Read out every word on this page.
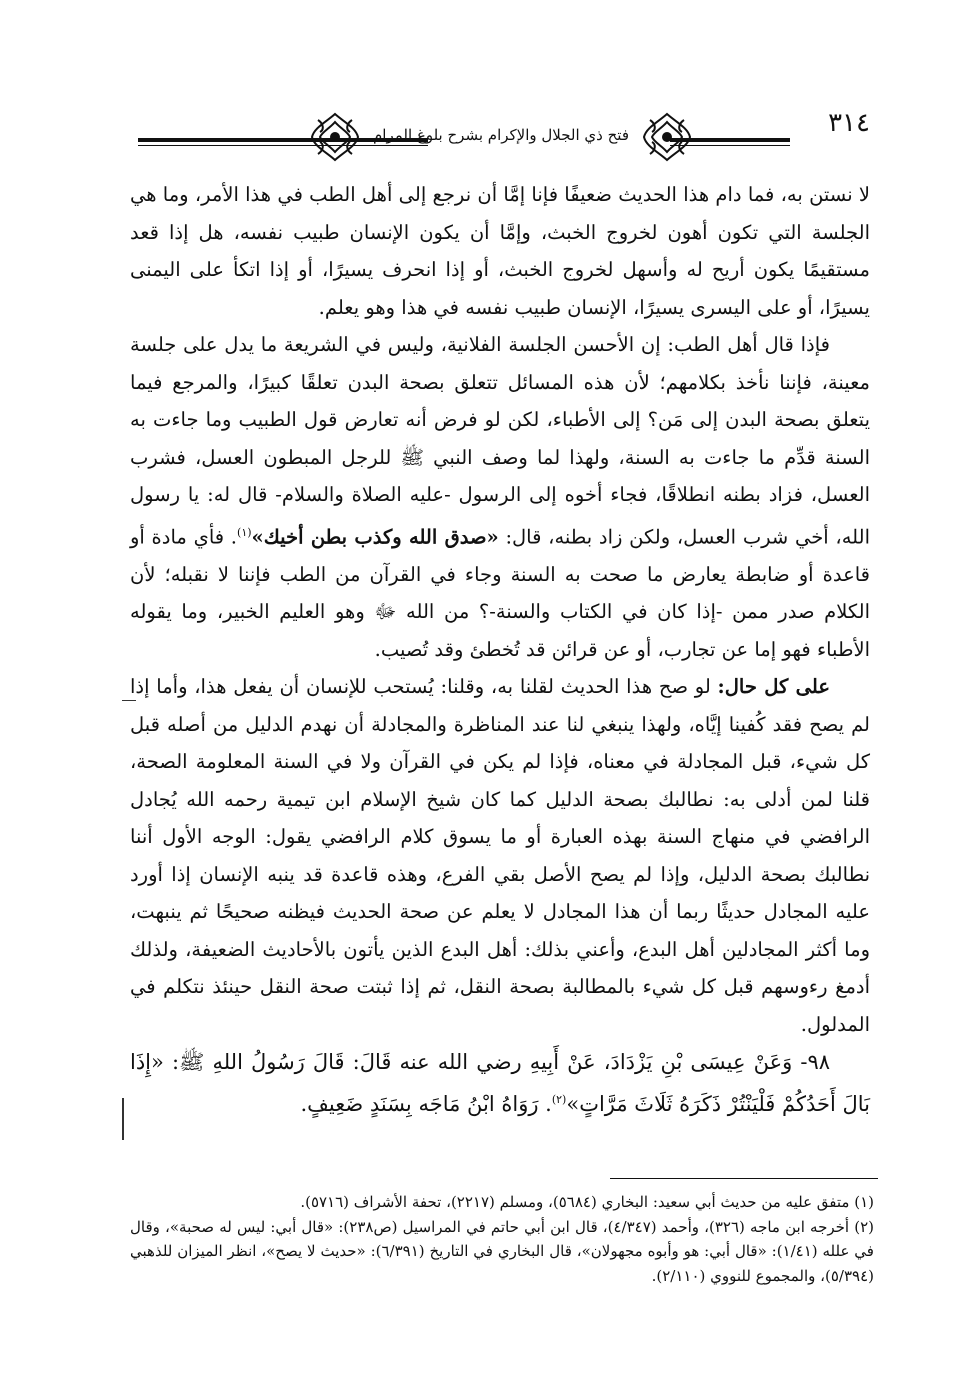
فتح ذي الجلال والإكرام بشرح بلوغ المرام	٣١٤

لا نستن به، فما دام هذا الحديث ضعيفًا فإنا إمَّا أن نرجع إلى أهل الطب في هذا الأمر، وما هي الجلسة التي تكون أهون لخروج الخبث، وإمَّا أن يكون الإنسان طبيب نفسه، هل إذا قعد مستقيمًا يكون أريح له وأسهل لخروج الخبث، أو إذا انحرف يسيرًا، أو إذا اتكأ على اليمنى يسيرًا، أو على اليسرى يسيرًا، الإنسان طبيب نفسه في هذا وهو يعلم.

فإذا قال أهل الطب: إن الأحسن الجلسة الفلانية، وليس في الشريعة ما يدل على جلسة معينة، فإننا نأخذ بكلامهم؛ لأن هذه المسائل تتعلق بصحة البدن تعلقًا كبيرًا، والمرجع فيما يتعلق بصحة البدن إلى مَن؟ إلى الأطباء، لكن لو فرض أنه تعارض قول الطبيب وما جاءت به السنة قدِّم ما جاءت به السنة، ولهذا لما وصف النبي ﷺ للرجل المبطون العسل، فشرب العسل، فزاد بطنه انطلاقًا، فجاء أخوه إلى الرسول -عليه الصلاة والسلام- قال له: يا رسول الله، أخي شرب العسل، ولكن زاد بطنه، قال: «صدق الله وكذب بطن أخيك»$^{(١)}$. فأي مادة أو قاعدة أو ضابطة يعارض ما صحت به السنة وجاء في القرآن من الطب فإننا لا نقبله؛ لأن الكلام صدر ممن -إذا كان في الكتاب والسنة-؟ من الله ﷻ وهو العليم الخبير، وما يقوله الأطباء فهو إما عن تجارب، أو عن قرائن قد تُخطئ وقد تُصيب.

على كل حال: لو صح هذا الحديث لقلنا به، وقلنا: يُستحب للإنسان أن يفعل هذا، وأما إذا لم يصح فقد كُفينا إيَّاه، ولهذا ينبغي لنا عند المناظرة والمجادلة أن نهدم الدليل من أصله قبل كل شيء، قبل المجادلة في معناه، فإذا لم يكن في القرآن ولا في السنة المعلومة الصحة، قلنا لمن أدلى به: نطالبك بصحة الدليل كما كان شيخ الإسلام ابن تيمية رحمه الله يُجادل الرافضي في منهاج السنة بهذه العبارة أو ما يسوق كلام الرافضي يقول: الوجه الأول أننا نطالبك بصحة الدليل، وإذا لم يصح الأصل بقي الفرع، وهذه قاعدة قد ينبه الإنسان إذا أورد عليه المجادل حديثًا ربما أن هذا المجادل لا يعلم عن صحة الحديث فيظنه صحيحًا ثم ينبهت، وما أكثر المجادلين أهل البدع، وأعني بذلك: أهل البدع الذين يأتون بالأحاديث الضعيفة، ولذلك أدمغ رءوسهم قبل كل شيء بالمطالبة بصحة النقل، ثم إذا ثبتت صحة النقل حينئذ نتكلم في المدلول.

٩٨- وَعَنْ عِيسَى بْنِ يَزْدَادَ، عَنْ أَبِيهِ رضي الله عنه قَالَ: قَالَ رَسُولُ اللهِ ﷺ: «إِذَا بَالَ أَحَدُكُمْ فَلْيَنْتُرْ ذَكَرَهُ ثَلَاثَ مَرَّاتٍ»$^{(٢)}$. رَوَاهُ ابْنُ مَاجَه بِسَنَدٍ ضَعِيفٍ.

(١) متفق عليه من حديث أبي سعيد: البخاري (٥٦٨٤)، ومسلم (٢٢١٧)، تحفة الأشراف (٥٧١٦).

(٢) أخرجه ابن ماجه (٣٢٦)، وأحمد (٤/٣٤٧)، قال ابن أبي حاتم في المراسيل (ص٢٣٨): «قال أبي: ليس له صحبة»، وقال في علله (١/٤١): «قال أبي: هو وأبوه مجهولان»، قال البخاري في التاريخ (٦/٣٩١): «حديث لا يصح»، انظر الميزان للذهبي (٥/٣٩٤)، والمجموع للنووي (٢/١١٠).
